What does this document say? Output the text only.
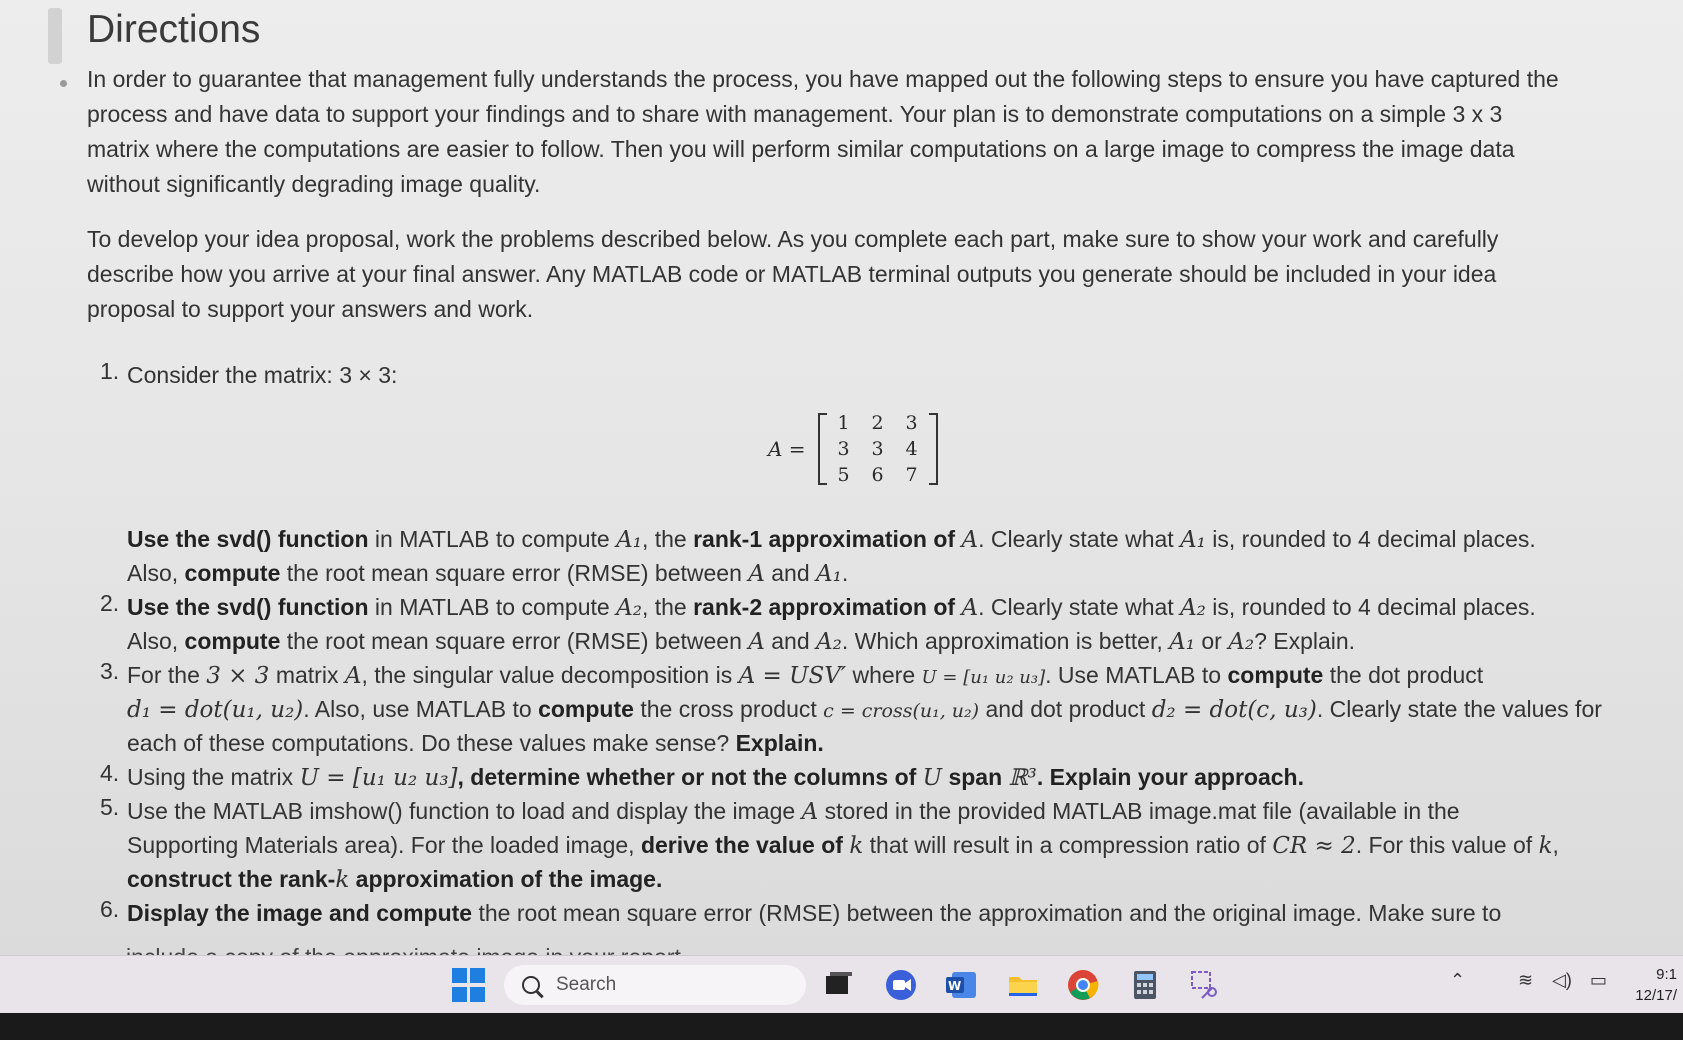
Directions
In order to guarantee that management fully understands the process, you have mapped out the following steps to ensure you have captured the process and have data to support your findings and to share with management. Your plan is to demonstrate computations on a simple 3 x 3 matrix where the computations are easier to follow. Then you will perform similar computations on a large image to compress the image data without significantly degrading image quality.
To develop your idea proposal, work the problems described below. As you complete each part, make sure to show your work and carefully describe how you arrive at your final answer. Any MATLAB code or MATLAB terminal outputs you generate should be included in your idea proposal to support your answers and work.
1. Consider the matrix: 3 × 3:
A =
1	2	3
3	3	4
5	6	7
Use the svd() function in MATLAB to compute A₁, the rank-1 approximation of A. Clearly state what A₁ is, rounded to 4 decimal places.
Also, compute the root mean square error (RMSE) between A and A₁.
2. Use the svd() function in MATLAB to compute A₂, the rank-2 approximation of A. Clearly state what A₂ is, rounded to 4 decimal places.
Also, compute the root mean square error (RMSE) between A and A₂. Which approximation is better, A₁ or A₂? Explain.
3. For the 3 × 3 matrix A, the singular value decomposition is A = USV′ where U = [u₁ u₂ u₃]. Use MATLAB to compute the dot product
d₁ = dot(u₁, u₂). Also, use MATLAB to compute the cross product c = cross(u₁, u₂) and dot product d₂ = dot(c, u₃). Clearly state the values for
each of these computations. Do these values make sense? Explain.
4. Using the matrix U = [u₁ u₂ u₃], determine whether or not the columns of U span ℝ³. Explain your approach.
5. Use the MATLAB imshow() function to load and display the image A stored in the provided MATLAB image.mat file (available in the
Supporting Materials area). For the loaded image, derive the value of k that will result in a compression ratio of CR ≈ 2. For this value of k,
construct the rank-k approximation of the image.
6. Display the image and compute the root mean square error (RMSE) between the approximation and the original image. Make sure to
Search	W	⌃	≋ ◁) ▭	9:1
12/17/
